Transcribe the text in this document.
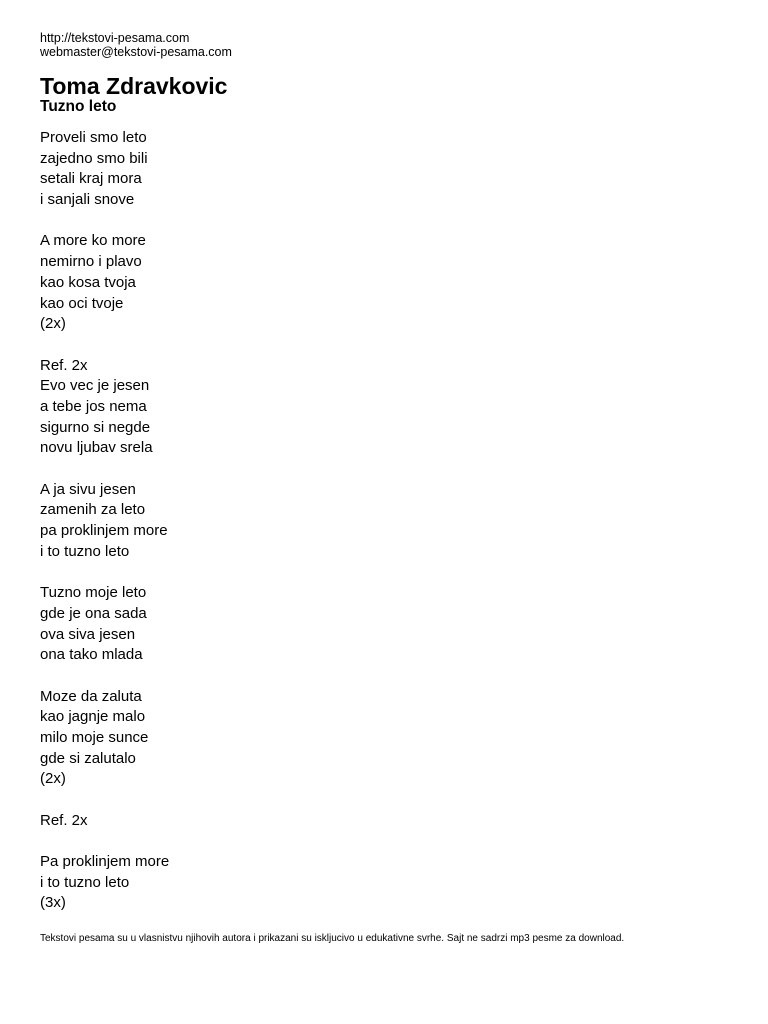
http://tekstovi-pesama.com
webmaster@tekstovi-pesama.com
Toma Zdravkovic
Tuzno leto
Proveli smo leto
zajedno smo bili
setali kraj mora
i sanjali snove
A more ko more
nemirno i plavo
kao kosa tvoja
kao oci tvoje
(2x)
Ref. 2x
Evo vec je jesen
a tebe jos nema
sigurno si negde
novu ljubav srela
A ja sivu jesen
zamenih za leto
pa proklinjem more
i to tuzno leto
Tuzno moje leto
gde je ona sada
ova siva jesen
ona tako mlada
Moze da zaluta
kao jagnje malo
milo moje sunce
gde si zalutalo
(2x)
Ref. 2x
Pa proklinjem more
i to tuzno leto
(3x)
Tekstovi pesama su u vlasnistvu njihovih autora i prikazani su iskljucivo u edukativne svrhe. Sajt ne sadrzi mp3 pesme za download.
